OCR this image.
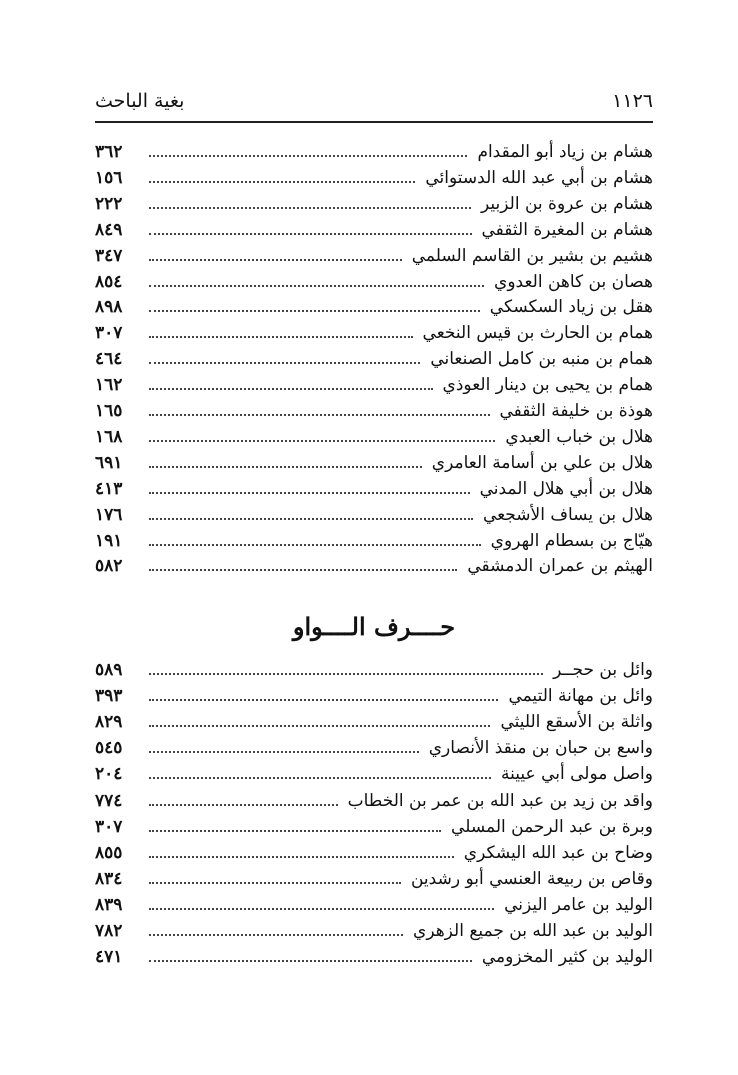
١١٢٦
بغية الباحث
هشام بن زياد أبو المقدام
٣٦٢
هشام بن أبي عبد الله الدستوائي
١٥٦
هشام بن عروة بن الزبير
٢٢٢
هشام بن المغيرة الثقفي
٨٤٩
هشيم بن بشير بن القاسم السلمي
٣٤٧
هصان بن كاهن العدوي
٨٥٤
هقل بن زياد السكسكي
٨٩٨
همام بن الحارث بن قيس النخعي
٣٠٧
همام بن منبه بن كامل الصنعاني
٤٦٤
همام بن يحيى بن دينار العوذي
١٦٢
هوذة بن خليفة الثقفي
١٦٥
هلال بن خباب العبدي
١٦٨
هلال بن علي بن أسامة العامري
٦٩١
هلال بن أبي هلال المدني
٤١٣
هلال بن يساف الأشجعي
١٧٦
هيّاج بن بسطام الهروي
١٩١
الهيثم بن عمران الدمشقي
٥٨٢
حــــرف الــــواو
وائل بن حجــر
٥٨٩
وائل بن مهانة التيمي
٣٩٣
واثلة بن الأسقع الليثي
٨٢٩
واسع بن حبان بن منقذ الأنصاري
٥٤٥
واصل مولى أبي عيينة
٢٠٤
واقد بن زيد بن عبد الله بن عمر بن الخطاب
٧٧٤
وبرة بن عبد الرحمن المسلي
٣٠٧
وضاح بن عبد الله اليشكري
٨٥٥
وقاص بن ربيعة العنسي أبو رشدين
٨٣٤
الوليد بن عامر اليزني
٨٣٩
الوليد بن عبد الله بن جميع الزهري
٧٨٢
الوليد بن كثير المخزومي
٤٧١
